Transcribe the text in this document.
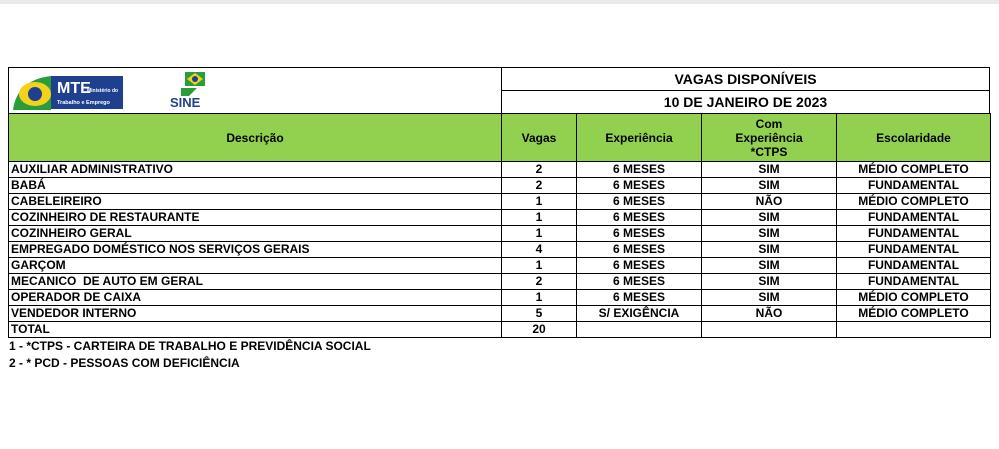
MTE
Ministério do
Trabalho e Emprego	SINE
VAGAS DISPONÍVEIS
10 DE JANEIRO DE 2023
Descrição	Vagas	Experiência	Com Experiência *CTPS	Escolaridade
AUXILIAR ADMINISTRATIVO	2	6 MESES	SIM	MÉDIO COMPLETO
BABÁ	2	6 MESES	SIM	FUNDAMENTAL
CABELEIREIRO	1	6 MESES	NÃO	MÉDIO COMPLETO
COZINHEIRO DE RESTAURANTE	1	6 MESES	SIM	FUNDAMENTAL
COZINHEIRO GERAL	1	6 MESES	SIM	FUNDAMENTAL
EMPREGADO DOMÉSTICO NOS SERVIÇOS GERAIS	4	6 MESES	SIM	FUNDAMENTAL
GARÇOM	1	6 MESES	SIM	FUNDAMENTAL
MECANICO  DE AUTO EM GERAL	2	6 MESES	SIM	FUNDAMENTAL
OPERADOR DE CAIXA	1	6 MESES	SIM	MÉDIO COMPLETO
VENDEDOR INTERNO	5	S/ EXIGÊNCIA	NÃO	MÉDIO COMPLETO
TOTAL	20			
1 - *CTPS - CARTEIRA DE TRABALHO E PREVIDÊNCIA SOCIAL
2 - * PCD - PESSOAS COM DEFICIÊNCIA
